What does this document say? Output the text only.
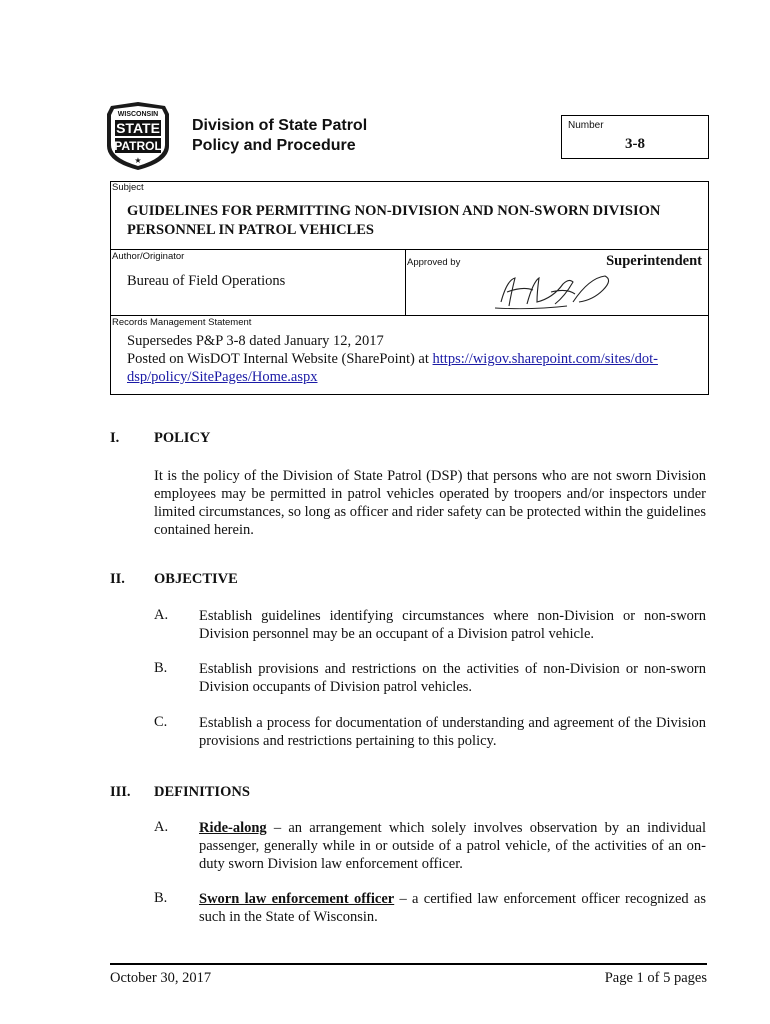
WISCONSIN
STATE
PATROL
★
Division of State Patrol
Policy and Procedure
Number
3-8
Subject
GUIDELINES FOR PERMITTING NON-DIVISION AND NON-SWORN DIVISION PERSONNEL IN PATROL VEHICLES
Author/Originator
Bureau of Field Operations
Approved by	Superintendent
Records Management Statement
Supersedes P&P 3-8 dated January 12, 2017
Posted on WisDOT Internal Website (SharePoint) at https://wigov.sharepoint.com/sites/dot-dsp/policy/SitePages/Home.aspx
I. POLICY
It is the policy of the Division of State Patrol (DSP) that persons who are not sworn Division employees may be permitted in patrol vehicles operated by troopers and/or inspectors under limited circumstances, so long as officer and rider safety can be protected within the guidelines contained herein.
II. OBJECTIVE
A. Establish guidelines identifying circumstances where non-Division or non-sworn Division personnel may be an occupant of a Division patrol vehicle.
B. Establish provisions and restrictions on the activities of non-Division or non-sworn Division occupants of Division patrol vehicles.
C. Establish a process for documentation of understanding and agreement of the Division provisions and restrictions pertaining to this policy.
III. DEFINITIONS
A. Ride-along – an arrangement which solely involves observation by an individual passenger, generally while in or outside of a patrol vehicle, of the activities of an on-duty sworn Division law enforcement officer.
B. Sworn law enforcement officer – a certified law enforcement officer recognized as such in the State of Wisconsin.
October 30, 2017	Page 1 of 5 pages
